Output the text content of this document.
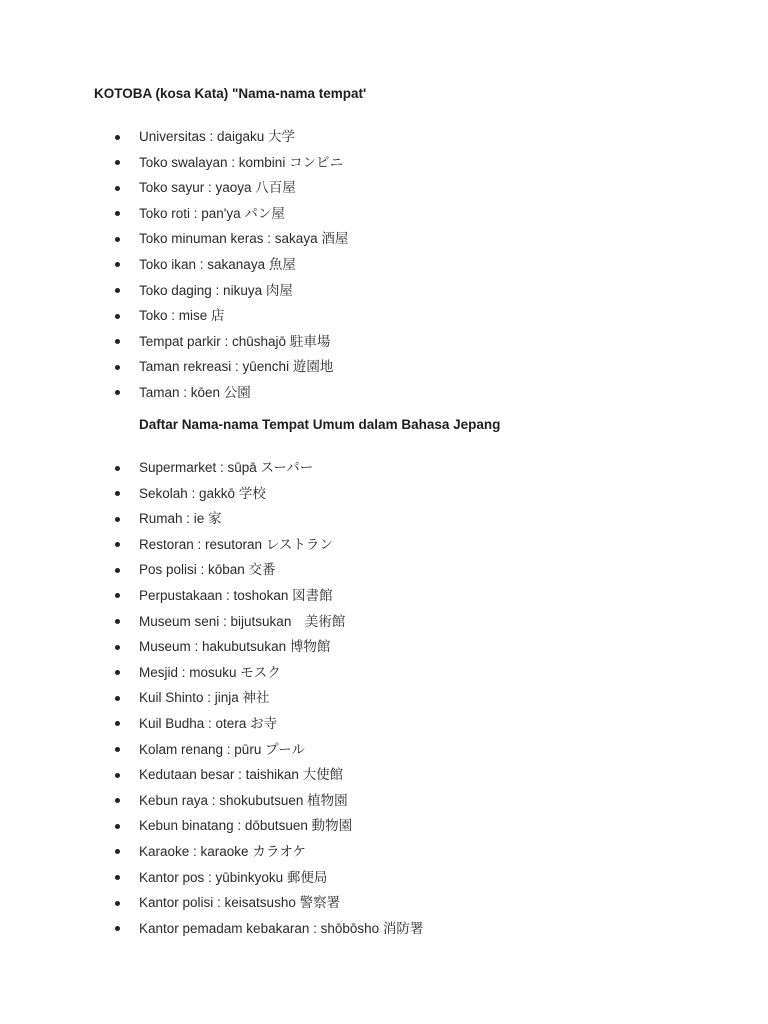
KOTOBA (kosa Kata) "Nama-nama tempat'
Universitas : daigaku 大学
Toko swalayan : kombini コンビニ
Toko sayur : yaoya 八百屋
Toko roti : pan'ya パン屋
Toko minuman keras : sakaya 酒屋
Toko ikan : sakanaya 魚屋
Toko daging : nikuya 肉屋
Toko : mise 店
Tempat parkir : chūshajō 駐車場
Taman rekreasi : yūenchi 遊園地
Taman : kōen 公園
Daftar Nama-nama Tempat Umum dalam Bahasa Jepang
Supermarket : sūpā スーパー
Sekolah : gakkō 学校
Rumah : ie 家
Restoran : resutoran レストラン
Pos polisi : kōban 交番
Perpustakaan : toshokan 図書館
Museum seni : bijutsukan　美術館
Museum : hakubutsukan 博物館
Mesjid : mosuku モスク
Kuil Shinto : jinja 神社
Kuil Budha : otera お寺
Kolam renang : pūru プール
Kedutaan besar : taishikan 大使館
Kebun raya : shokubutsuen 植物園
Kebun binatang : dōbutsuen 動物園
Karaoke : karaoke カラオケ
Kantor pos : yūbinkyoku 郵便局
Kantor polisi : keisatsusho 警察署
Kantor pemadam kebakaran : shōbōsho 消防署
